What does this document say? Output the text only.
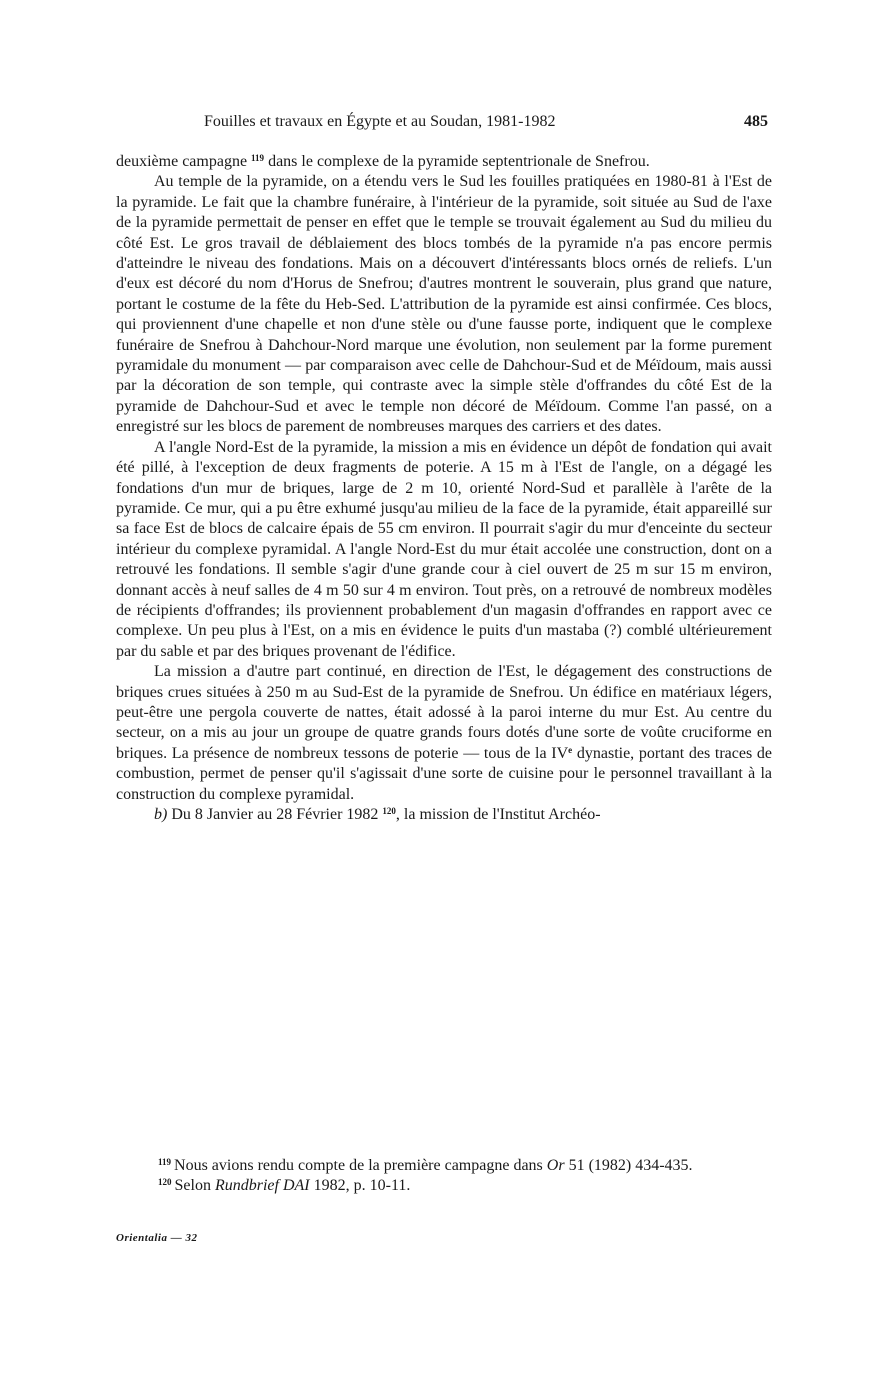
Fouilles et travaux en Égypte et au Soudan, 1981-1982	485

deuxième campagne $^{119}$ dans le complexe de la pyramide septentrionale de Snefrou.

Au temple de la pyramide, on a étendu vers le Sud les fouilles pratiquées en 1980-81 à l'Est de la pyramide. Le fait que la chambre funéraire, à l'intérieur de la pyramide, soit située au Sud de l'axe de la pyramide permettait de penser en effet que le temple se trouvait également au Sud du milieu du côté Est. Le gros travail de déblaiement des blocs tombés de la pyramide n'a pas encore permis d'atteindre le niveau des fondations. Mais on a découvert d'intéressants blocs ornés de reliefs. L'un d'eux est décoré du nom d'Horus de Snefrou; d'autres montrent le souverain, plus grand que nature, portant le costume de la fête du Heb-Sed. L'attribution de la pyramide est ainsi confirmée. Ces blocs, qui proviennent d'une chapelle et non d'une stèle ou d'une fausse porte, indiquent que le complexe funéraire de Snefrou à Dahchour-Nord marque une évolution, non seulement par la forme purement pyramidale du monument — par comparaison avec celle de Dahchour-Sud et de Méïdoum, mais aussi par la décoration de son temple, qui contraste avec la simple stèle d'offrandes du côté Est de la pyramide de Dahchour-Sud et avec le temple non décoré de Méïdoum. Comme l'an passé, on a enregistré sur les blocs de parement de nombreuses marques des carriers et des dates.

A l'angle Nord-Est de la pyramide, la mission a mis en évidence un dépôt de fondation qui avait été pillé, à l'exception de deux fragments de poterie. A 15 m à l'Est de l'angle, on a dégagé les fondations d'un mur de briques, large de 2 m 10, orienté Nord-Sud et parallèle à l'arête de la pyramide. Ce mur, qui a pu être exhumé jusqu'au milieu de la face de la pyramide, était appareillé sur sa face Est de blocs de calcaire épais de 55 cm environ. Il pourrait s'agir du mur d'enceinte du secteur intérieur du complexe pyramidal. A l'angle Nord-Est du mur était accolée une construction, dont on a retrouvé les fondations. Il semble s'agir d'une grande cour à ciel ouvert de 25 m sur 15 m environ, donnant accès à neuf salles de 4 m 50 sur 4 m environ. Tout près, on a retrouvé de nombreux modèles de récipients d'offrandes; ils proviennent probablement d'un magasin d'offrandes en rapport avec ce complexe. Un peu plus à l'Est, on a mis en évidence le puits d'un mastaba (?) comblé ultérieurement par du sable et par des briques provenant de l'édifice.

La mission a d'autre part continué, en direction de l'Est, le dégagement des constructions de briques crues situées à 250 m au Sud-Est de la pyramide de Snefrou. Un édifice en matériaux légers, peut-être une pergola couverte de nattes, était adossé à la paroi interne du mur Est. Au centre du secteur, on a mis au jour un groupe de quatre grands fours dotés d'une sorte de voûte cruciforme en briques. La présence de nombreux tessons de poterie — tous de la IVe dynastie, portant des traces de combustion, permet de penser qu'il s'agissait d'une sorte de cuisine pour le personnel travaillant à la construction du complexe pyramidal.

b) Du 8 Janvier au 28 Février 1982 $^{120}$, la mission de l'Institut Archéo-

$^{119}$ Nous avions rendu compte de la première campagne dans Or 51 (1982) 434-435.

$^{120}$ Selon Rundbrief DAI 1982, p. 10-11.

Orientalia — 32
